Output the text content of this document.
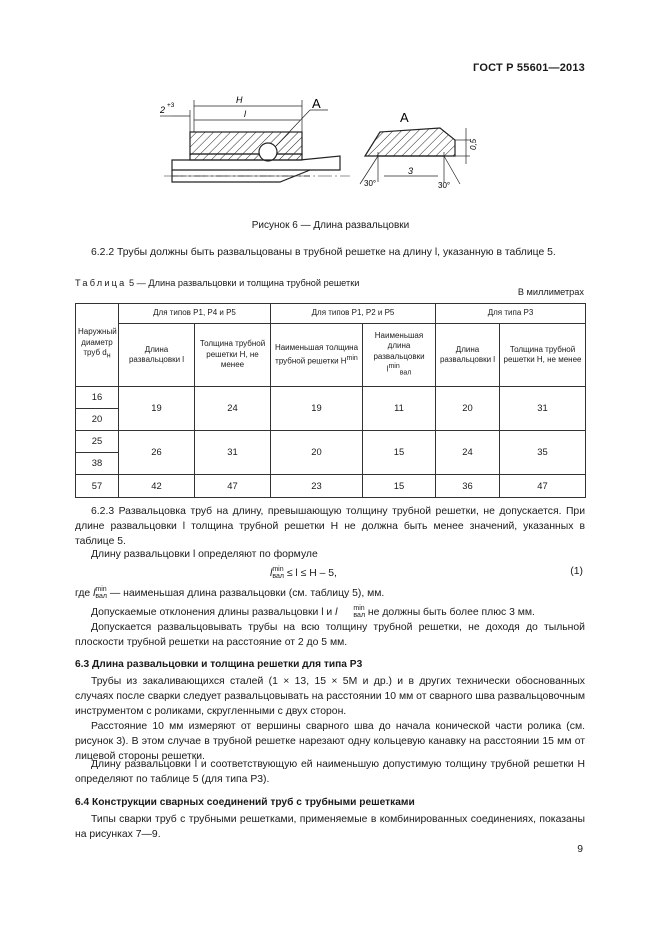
ГОСТ Р 55601—2013
H
l
2 +3	A
A
3
30°	30°
0,5
Рисунок 6 — Длина развальцовки
6.2.2 Трубы должны быть развальцованы в трубной решетке на длину l, указанную в таблице 5.
Таблица 5 — Длина развальцовки и толщина трубной решетки
В миллиметрах
Наружный диаметр труб $d_н$	Для типов Р1, Р4 и Р5		Для типов Р1, Р2 и Р5		Для типа Р3	
	Длина развальцовки l	Толщина трубной решетки H, не менее	Наименьшая толщина трубной решетки $H^{min}$	Наименьшая длина развальцовки $l^{min}_{вал}$	Длина развальцовки l	Толщина трубной решетки H, не менее
16	19	24	19	11	20	31
20						
25	26	31	20	15	24	35
38						
57	42	47	23	15	36	47
6.2.3 Развальцовка труб на длину, превышающую толщину трубной решетки, не допускается. При длине развальцовки l толщина трубной решетки H не должна быть менее значений, указанных в таблице 5.
Длину развальцовки l определяют по формуле
l min
вал ≤ l ≤ H – 5,	(1)
где l min
вал — наименьшая длина развальцовки (см. таблицу 5), мм.
Допускаемые отклонения длины развальцовки l и l	min
вал не должны быть более плюс 3 мм.
Допускается развальцовывать трубы на всю толщину трубной решетки, не доходя до тыльной плоскости трубной решетки на расстояние от 2 до 5 мм.
6.3 Длина развальцовки и толщина решетки для типа Р3
Трубы из закаливающихся сталей (1 × 13, 15 × 5М и др.) и в других технически обоснованных случаях после сварки следует развальцовывать на расстоянии 10 мм от сварного шва развальцовочным инструментом с роликами, скругленными с двух сторон.
Расстояние 10 мм измеряют от вершины сварного шва до начала конической части ролика (см. рисунок 3). В этом случае в трубной решетке нарезают одну кольцевую канавку на расстоянии 15 мм от лицевой стороны решетки.
Длину развальцовки l и соответствующую ей наименьшую допустимую толщину трубной решетки H определяют по таблице 5 (для типа Р3).
6.4 Конструкции сварных соединений труб с трубными решетками
Типы сварки труб с трубными решетками, применяемые в комбинированных соединениях, показаны на рисунках 7—9.
9
